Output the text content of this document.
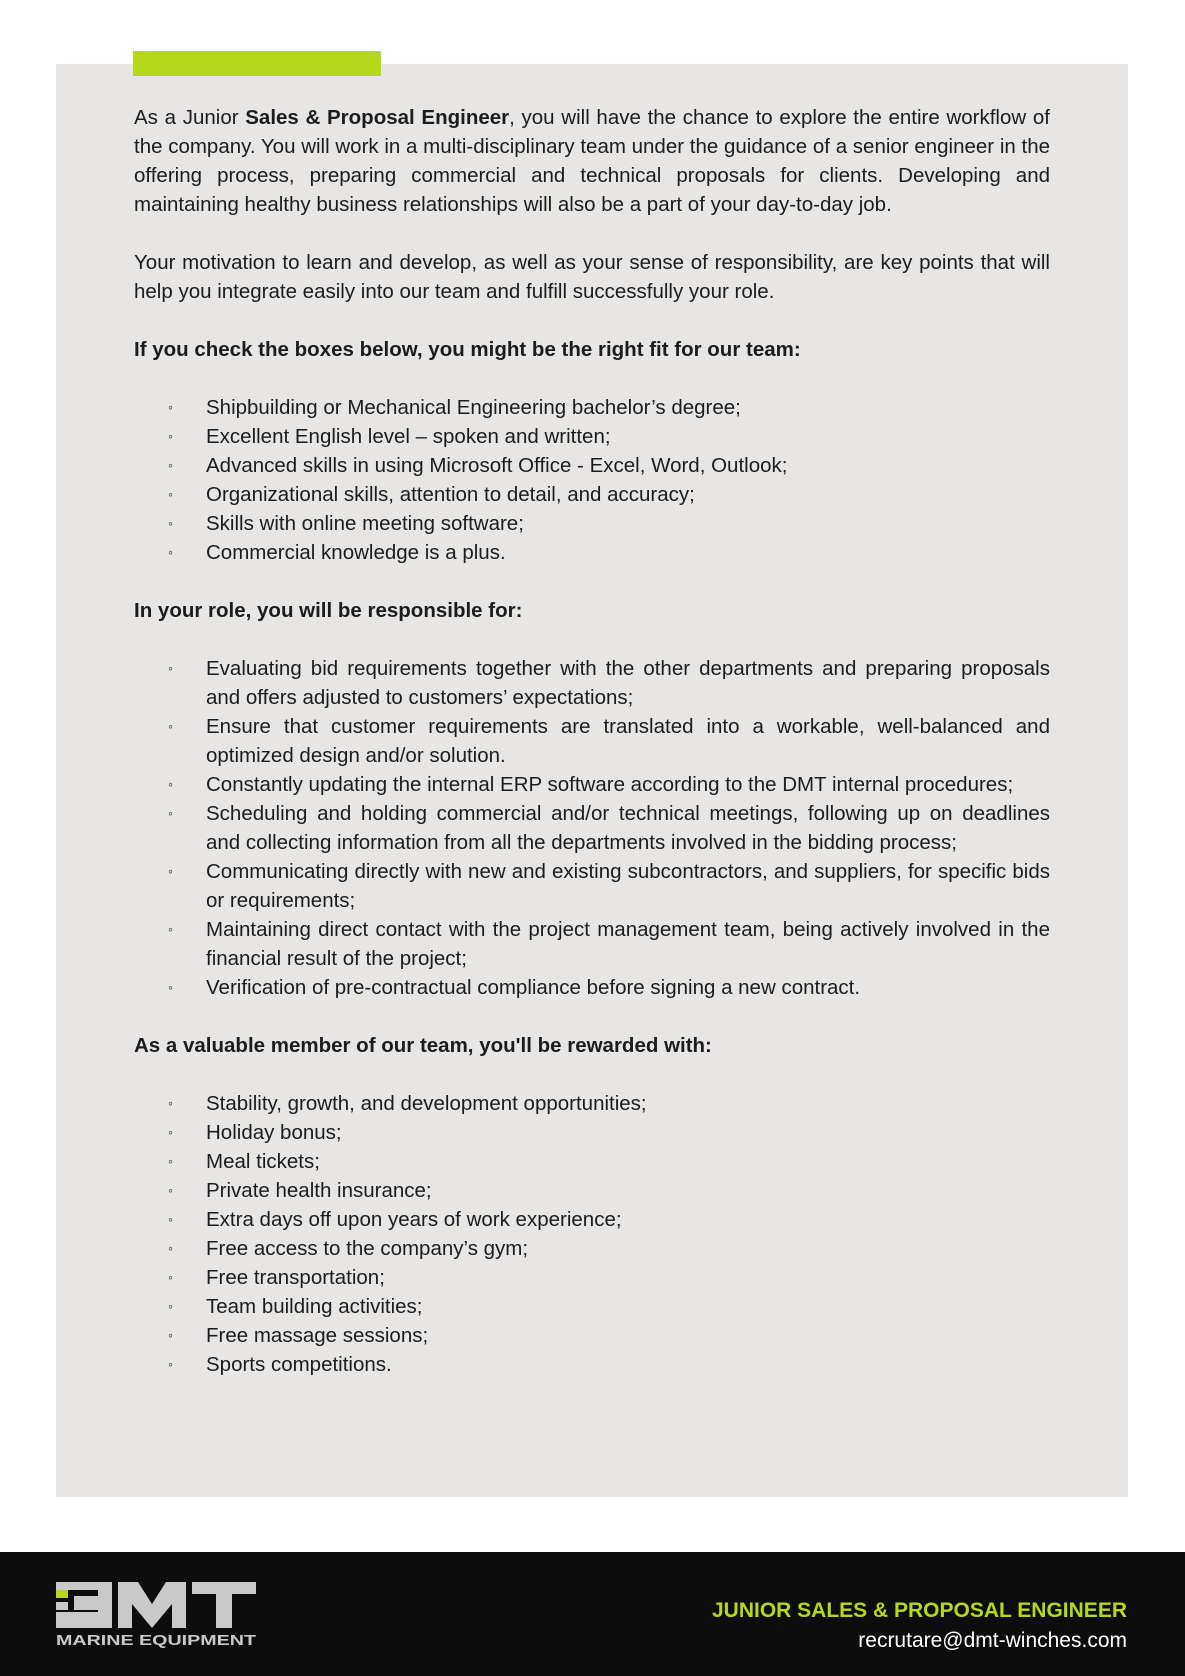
As a Junior Sales & Proposal Engineer, you will have the chance to explore the entire workflow of the company. You will work in a multi-disciplinary team under the guidance of a senior engineer in the offering process, preparing commercial and technical proposals for clients. Developing and maintaining healthy business relationships will also be a part of your day-to-day job.

Your motivation to learn and develop, as well as your sense of responsibility, are key points that will help you integrate easily into our team and fulfill successfully your role.

If you check the boxes below, you might be the right fit for our team:
◦ Shipbuilding or Mechanical Engineering bachelor’s degree;
◦ Excellent English level – spoken and written;
◦ Advanced skills in using Microsoft Office - Excel, Word, Outlook;
◦ Organizational skills, attention to detail, and accuracy;
◦ Skills with online meeting software;
◦ Commercial knowledge is a plus.
In your role, you will be responsible for:
◦ Evaluating bid requirements together with the other departments and preparing proposals and offers adjusted to customers’ expectations;
◦ Ensure that customer requirements are translated into a workable, well-balanced and optimized design and/or solution.
◦ Constantly updating the internal ERP software according to the DMT internal procedures;
◦ Scheduling and holding commercial and/or technical meetings, following up on deadlines and collecting information from all the departments involved in the bidding process;
◦ Communicating directly with new and existing subcontractors, and suppliers, for specific bids or requirements;
◦ Maintaining direct contact with the project management team, being actively involved in the financial result of the project;
◦ Verification of pre-contractual compliance before signing a new contract.
As a valuable member of our team, you'll be rewarded with:
◦ Stability, growth, and development opportunities;
◦ Holiday bonus;
◦ Meal tickets;
◦ Private health insurance;
◦ Extra days off upon years of work experience;
◦ Free access to the company’s gym;
◦ Free transportation;
◦ Team building activities;
◦ Free massage sessions;
◦ Sports competitions.
MARINE EQUIPMENT
JUNIOR SALES & PROPOSAL ENGINEER
recrutare@dmt-winches.com
